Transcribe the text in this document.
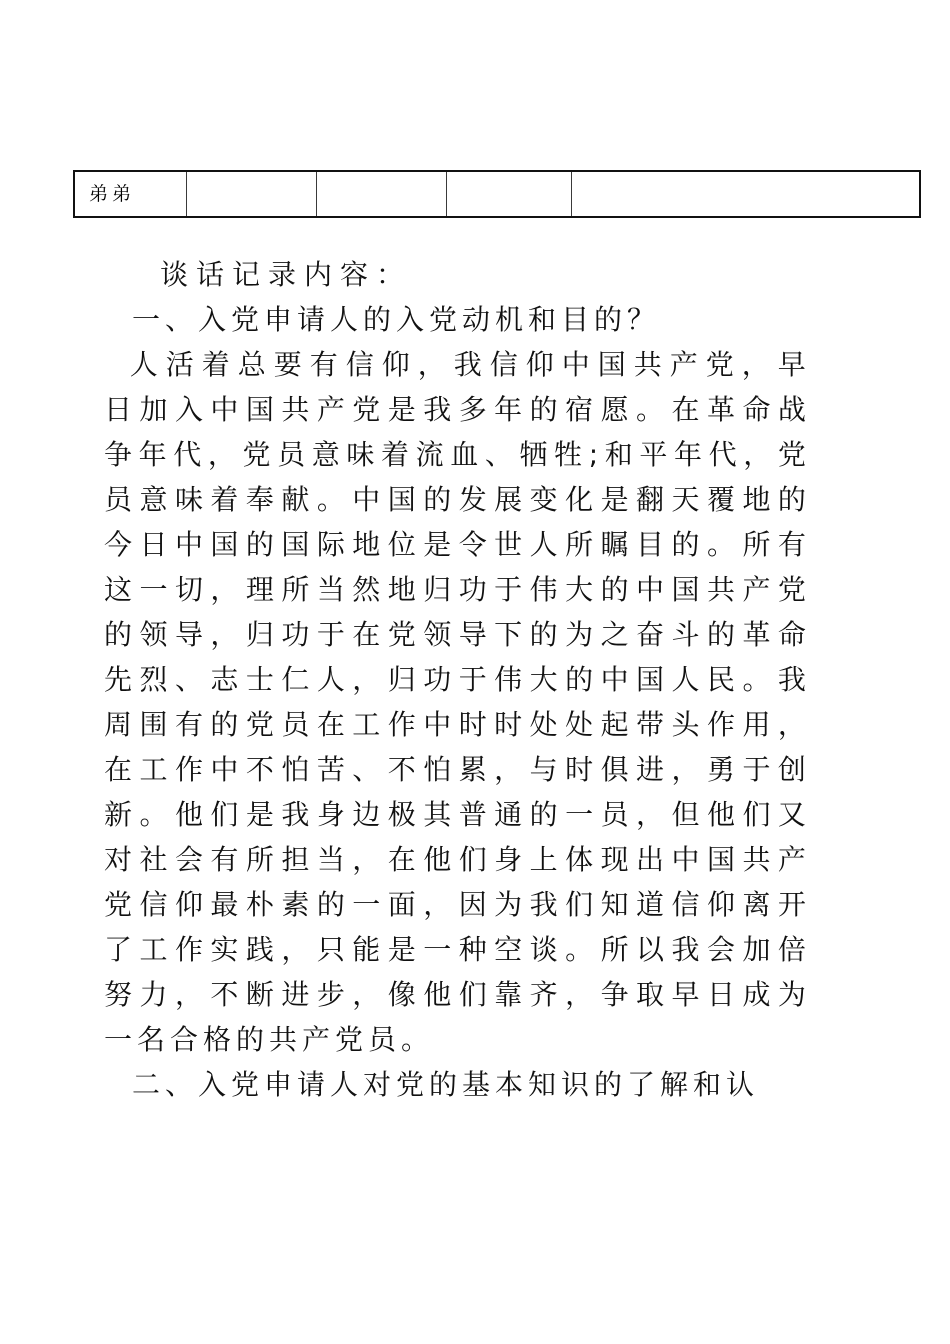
弟弟				
谈话记录内容：
一、入党申请人的入党动机和目的？

人 活 着 总 要 有 信 仰 ， 我 信 仰 中 国 共 产 党 ， 早
日 加 入 中 国 共 产 党 是 我 多 年 的 宿 愿 。 在 革 命 战
争 年 代 ， 党 员 意 味 着 流 血 、 牺 牲 ; 和 平 年 代 ， 党
员 意 味 着 奉 献 。 中 国 的 发 展 变 化 是 翻 天 覆 地 的
今 日 中 国 的 国 际 地 位 是 令 世 人 所 瞩 目 的 。 所 有
这 一 切 ， 理 所 当 然 地 归 功 于 伟 大 的 中 国 共 产 党
的 领 导 ， 归 功 于 在 党 领 导 下 的 为 之 奋 斗 的 革 命
先 烈 、 志 士 仁 人 ， 归 功 于 伟 大 的 中 国 人 民 。 我
周 围 有 的 党 员 在 工 作 中 时 时 处 处 起 带 头 作 用 ，
在 工 作 中 不 怕 苦 、 不 怕 累 ， 与 时 俱 进 ， 勇 于 创
新 。 他 们 是 我 身 边 极 其 普 通 的 一 员 ， 但 他 们 又
对 社 会 有 所 担 当 ， 在 他 们 身 上 体 现 出 中 国 共 产
党 信 仰 最 朴 素 的 一 面 ， 因 为 我 们 知 道 信 仰 离 开
了 工 作 实 践 ， 只 能 是 一 种 空 谈 。 所 以 我 会 加 倍
努 力 ， 不 断 进 步 ， 像 他 们 靠 齐 ， 争 取 早 日 成 为
一名合格的共产党员。
二、入党申请人对党的基本知识的了解和认
